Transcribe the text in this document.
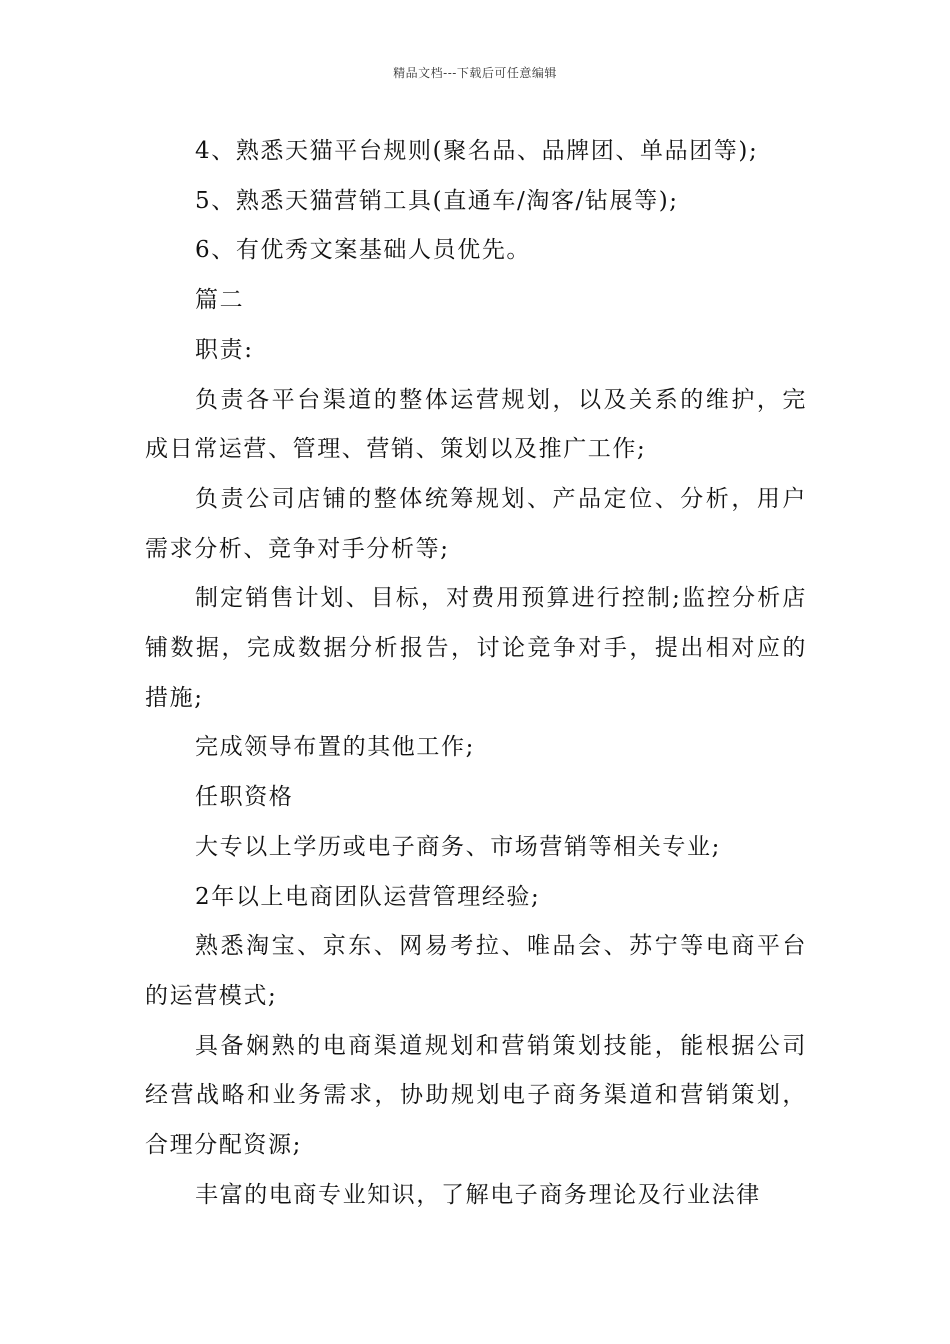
精品文档---下载后可任意编辑

4、熟悉天猫平台规则(聚名品、品牌团、单品团等);

5、熟悉天猫营销工具(直通车/淘客/钻展等);

6、有优秀文案基础人员优先。

篇二

职责:

负责各平台渠道的整体运营规划，以及关系的维护，完成日常运营、管理、营销、策划以及推广工作;

负责公司店铺的整体统筹规划、产品定位、分析，用户需求分析、竞争对手分析等;

制定销售计划、目标，对费用预算进行控制;监控分析店铺数据，完成数据分析报告，讨论竞争对手，提出相对应的措施;

完成领导布置的其他工作;

任职资格

大专以上学历或电子商务、市场营销等相关专业;

2年以上电商团队运营管理经验;

熟悉淘宝、京东、网易考拉、唯品会、苏宁等电商平台的运营模式;

具备娴熟的电商渠道规划和营销策划技能，能根据公司经营战略和业务需求，协助规划电子商务渠道和营销策划，合理分配资源;

丰富的电商专业知识，了解电子商务理论及行业法律
